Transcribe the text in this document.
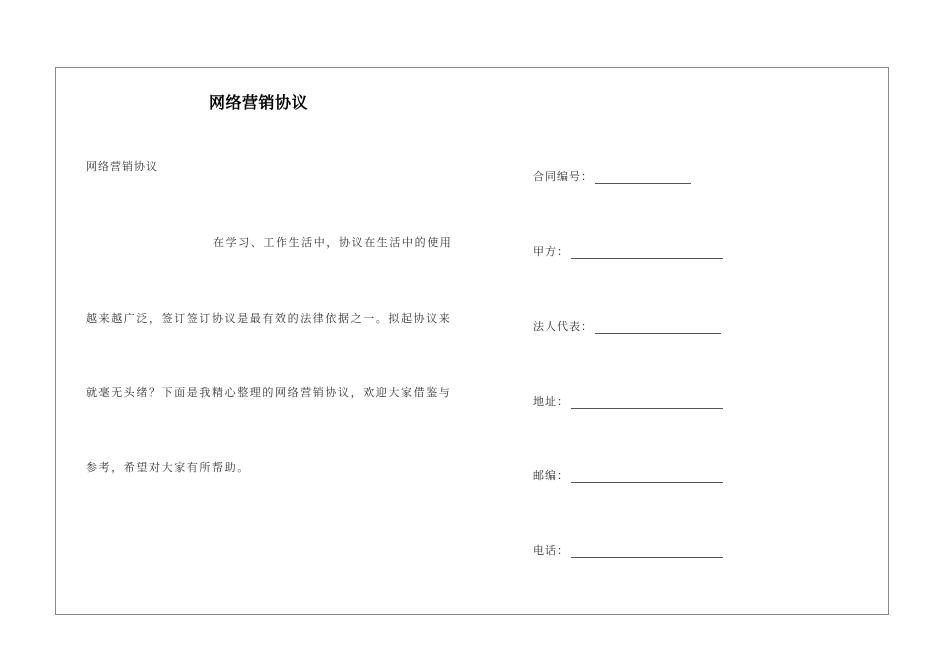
网络营销协议
网络营销协议
在学习、工作生活中，协议在生活中的使用
越来越广泛，签订签订协议是最有效的法律依据之一。拟起协议来
就毫无头绪？下面是我精心整理的网络营销协议，欢迎大家借鉴与
参考，希望对大家有所帮助。
合同编号：
甲方：
法人代表：
地址：
邮编：
电话：
